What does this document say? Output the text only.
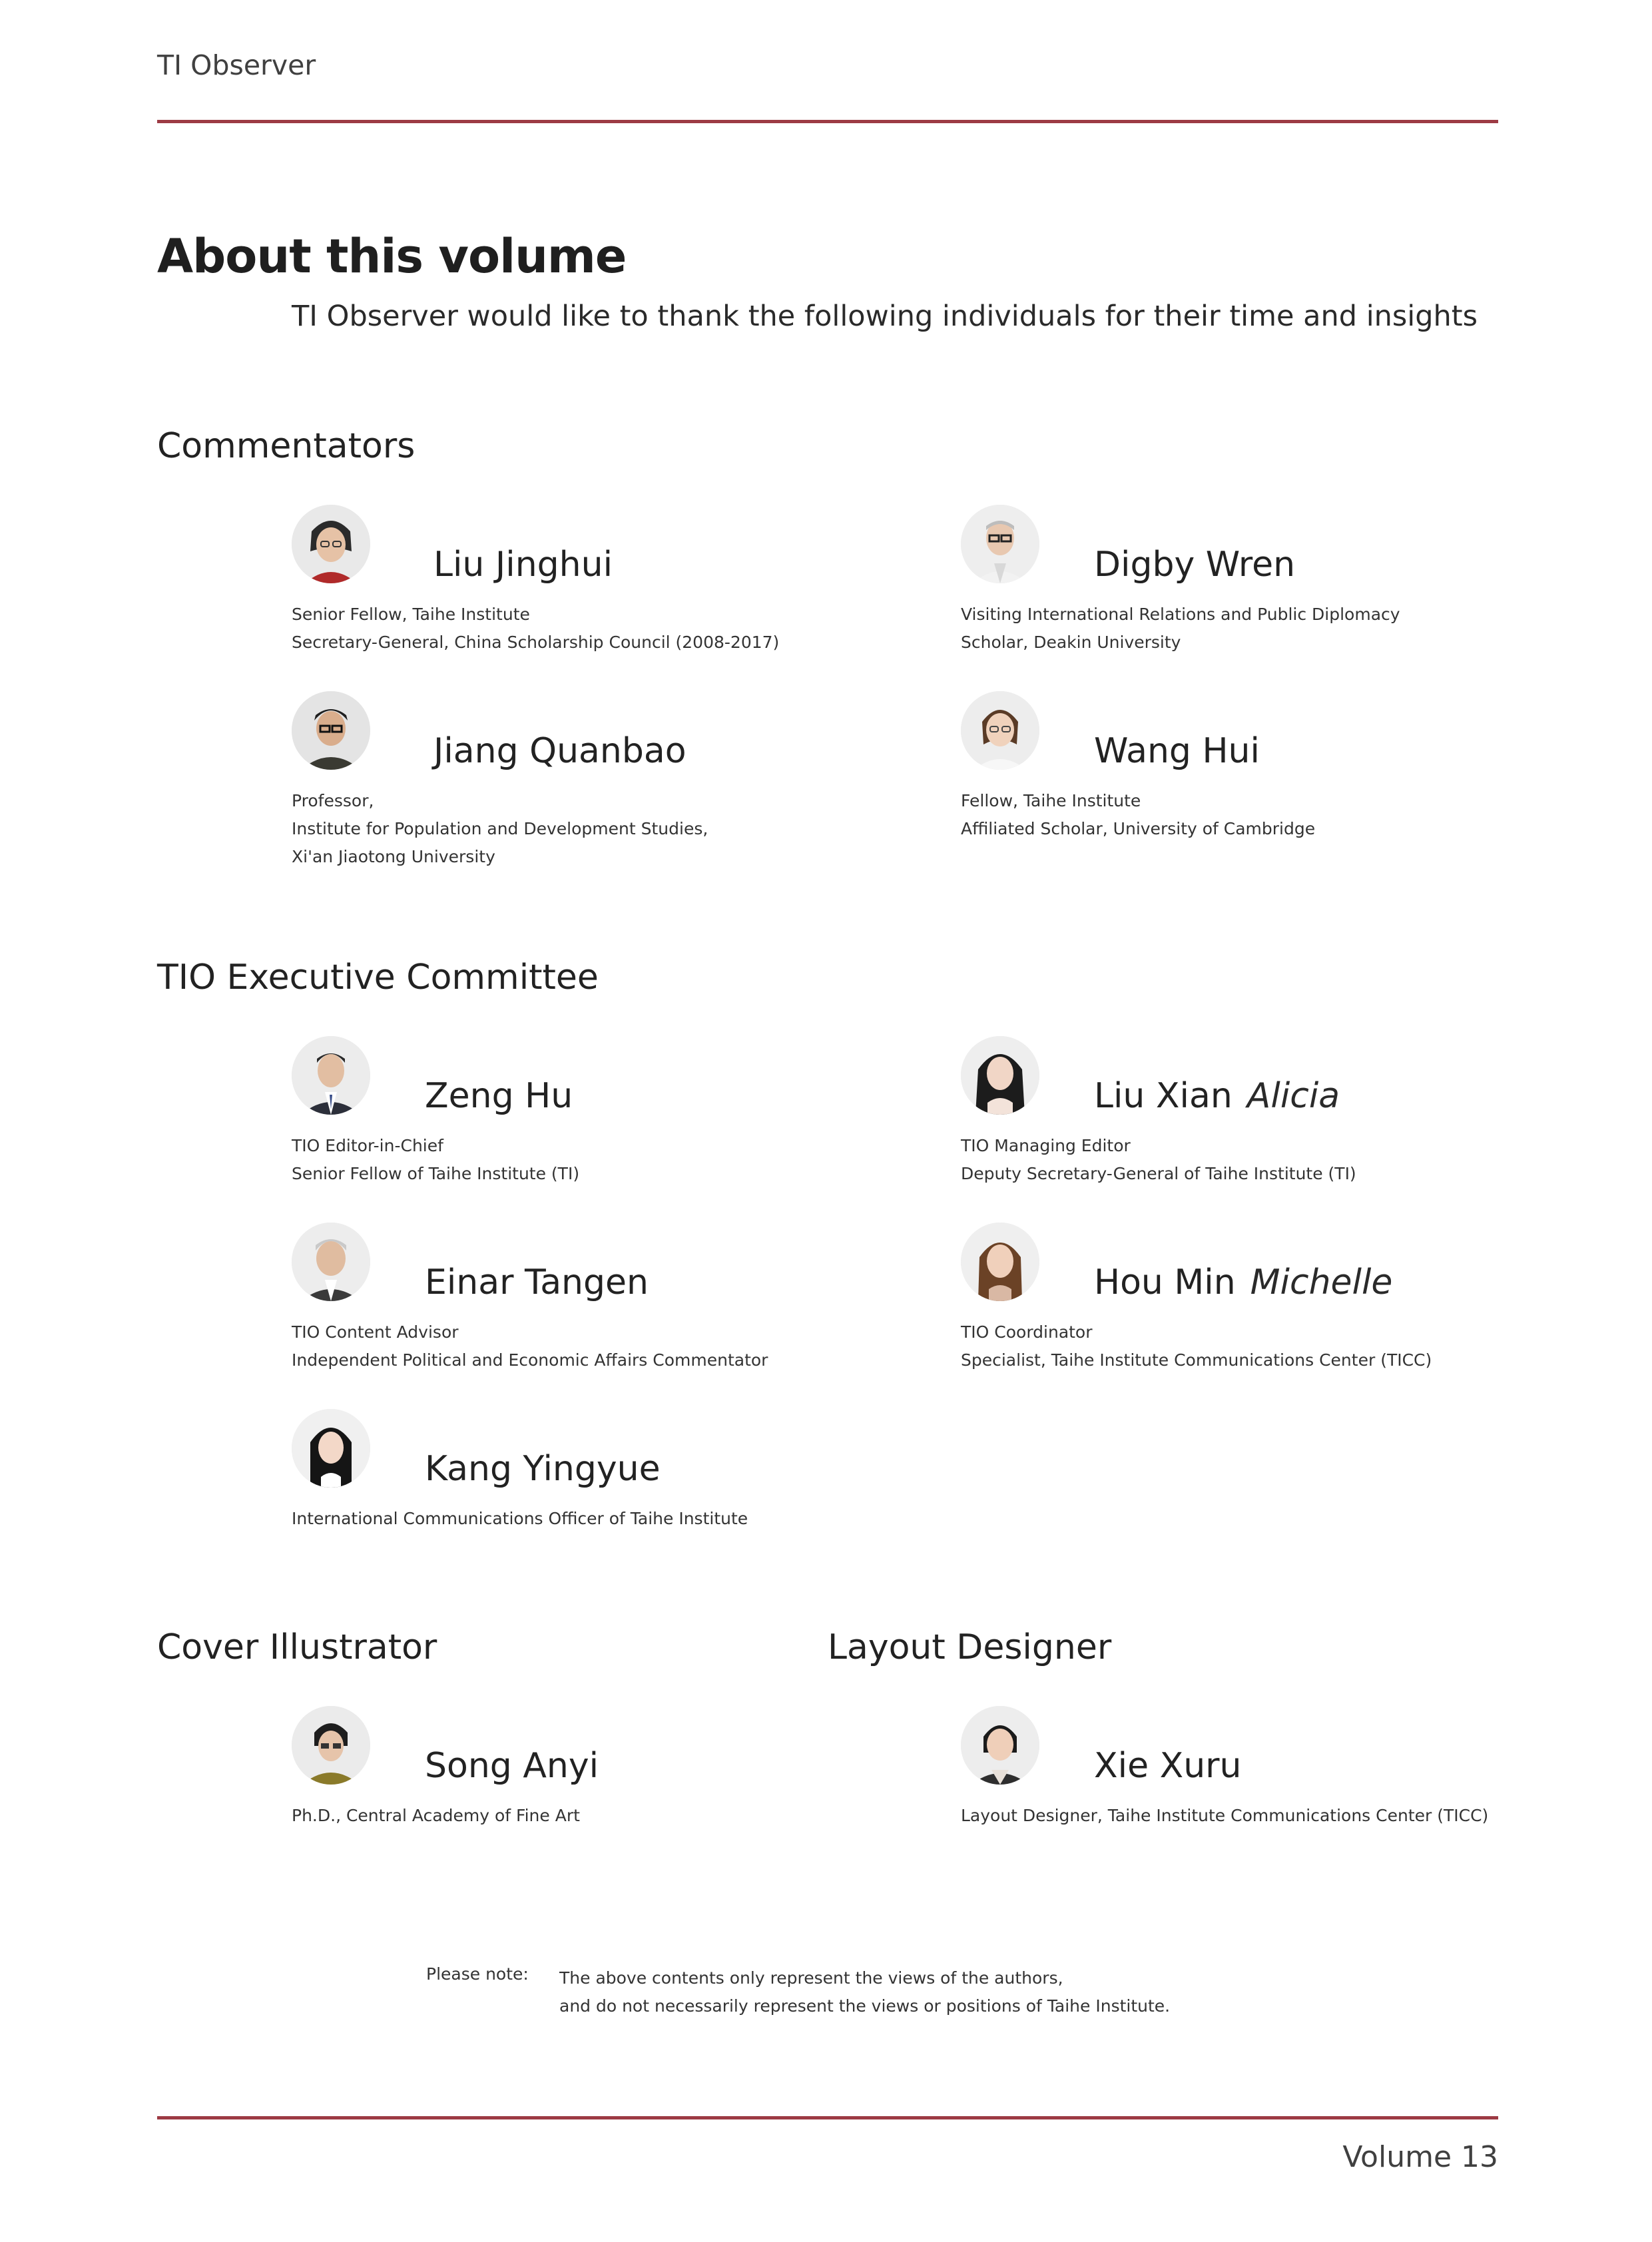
TI Observer
About this volume
TI Observer would like to thank the following individuals for their time and insights
Commentators
Liu Jinghui
Senior Fellow, Taihe Institute
Secretary-General, China Scholarship Council (2008-2017)
Digby Wren
Visiting International Relations and Public Diplomacy
Scholar, Deakin University
Jiang Quanbao
Professor,
Institute for Population and Development Studies,
Xi'an Jiaotong University
Wang Hui
Fellow, Taihe Institute
Affiliated Scholar, University of Cambridge
TIO Executive Committee
Zeng Hu
TIO Editor-in-Chief
Senior Fellow of Taihe Institute (TI)
Liu Xian Alicia
TIO Managing Editor
Deputy Secretary-General of Taihe Institute (TI)
Einar Tangen
TIO Content Advisor
Independent Political and Economic Affairs Commentator
Hou Min Michelle
TIO Coordinator
Specialist, Taihe Institute Communications Center (TICC)
Kang Yingyue
International Communications Officer of Taihe Institute
Cover Illustrator	Layout Designer
Song Anyi
Ph.D., Central Academy of Fine Art
Xie Xuru
Layout Designer, Taihe Institute Communications Center (TICC)
Please note: The above contents only represent the views of the authors,
and do not necessarily represent the views or positions of Taihe Institute.
Volume 13
